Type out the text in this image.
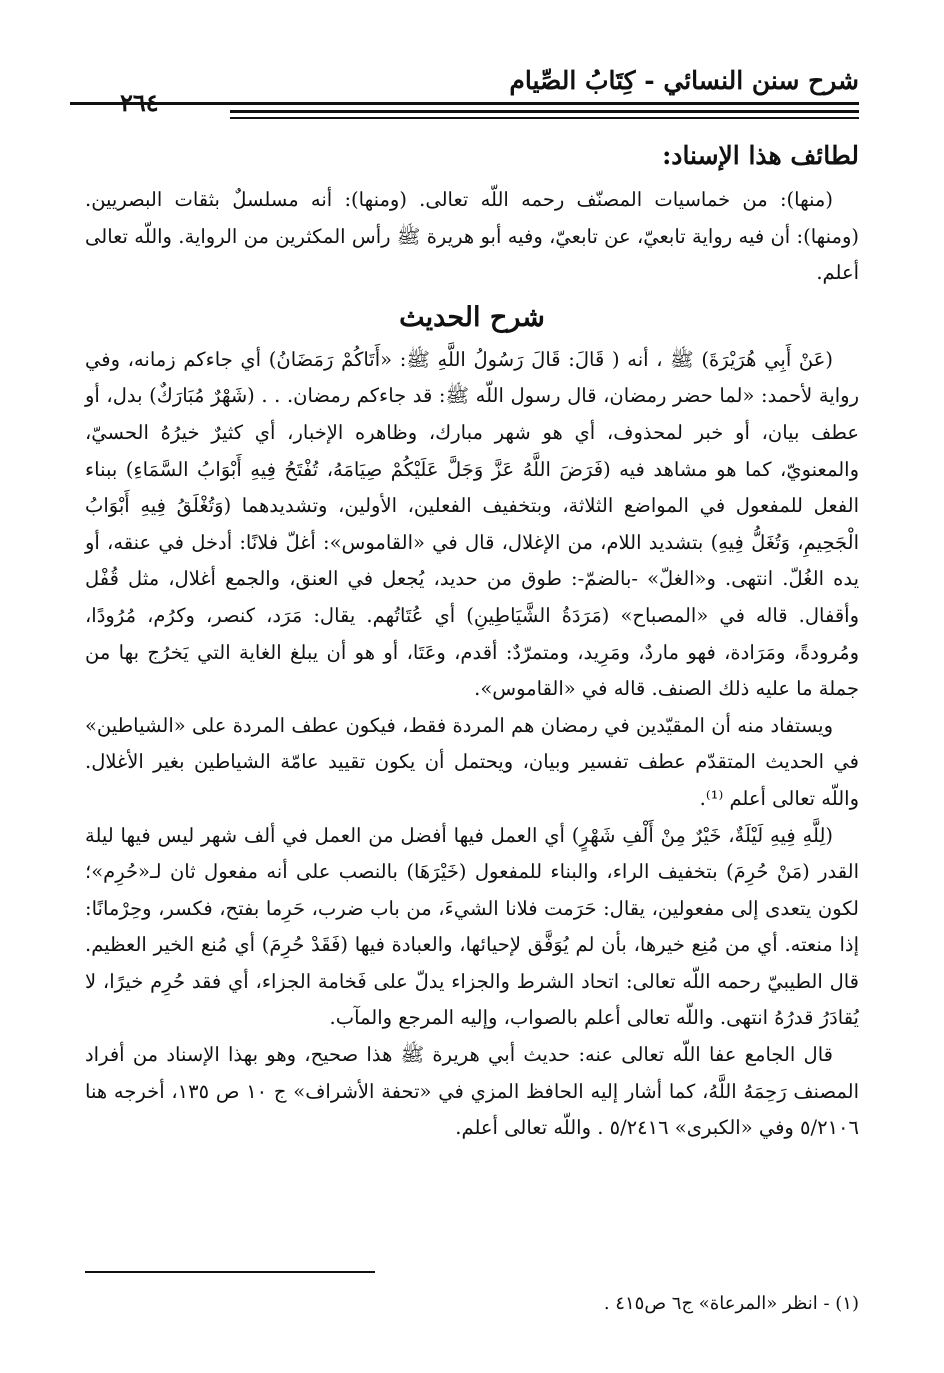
شرح سنن النسائي - كِتَابُ الصِّيام
٢٦٤
لطائف هذا الإسناد:

(منها): من خماسيات المصنّف رحمه اللّه تعالى. (ومنها): أنه مسلسلٌ بثقات البصريين. (ومنها): أن فيه رواية تابعيّ، عن تابعيّ، وفيه أبو هريرة ﷺ رأس المكثرين من الرواية. واللّه تعالى أعلم.

شرح الحديث

(عَنْ أَبِي هُرَيْرَةَ) ﷺ ، أنه ( قَالَ: قَالَ رَسُولُ اللَّهِ ﷺ: «أَتَاكُمْ رَمَضَانُ) أي جاءكم زمانه، وفي رواية لأحمد: «لما حضر رمضان، قال رسول اللّه ﷺ: قد جاءكم رمضان. . . (شَهْرٌ مُبَارَكٌ) بدل، أو عطف بيان، أو خبر لمحذوف، أي هو شهر مبارك، وظاهره الإخبار، أي كثيرٌ خيرُهُ الحسيّ، والمعنويّ، كما هو مشاهد فيه (فَرَضَ اللَّهُ عَزَّ وَجَلَّ عَلَيْكُمْ صِيَامَهُ، تُفْتَحُ فِيهِ أَبْوَابُ السَّمَاءِ) ببناء الفعل للمفعول في المواضع الثلاثة، وبتخفيف الفعلين، الأولين، وتشديدهما (وَتُغْلَقُ فِيهِ أَبْوَابُ الْجَحِيمِ، وَتُغَلُّ فِيهِ) بتشديد اللام، من الإغلال، قال في «القاموس»: أغلّ فلانًا: أدخل في عنقه، أو يده الغُلّ. انتهى. و«الغلّ» -بالضمّ-: طوق من حديد، يُجعل في العنق، والجمع أغلال، مثل قُفْل وأقفال. قاله في «المصباح» (مَرَدَةُ الشَّيَاطِينِ) أي عُتَاتُهم. يقال: مَرَد، كنصر، وكرُم، مُرُودًا، ومُرودةً، ومَرَادة، فهو ماردٌ، ومَرِيد، ومتمرّدٌ: أقدم، وعَتَا، أو هو أن يبلغ الغاية التي يَخرُج بها من جملة ما عليه ذلك الصنف. قاله في «القاموس».

ويستفاد منه أن المقيّدين في رمضان هم المردة فقط، فيكون عطف المردة على «الشياطين» في الحديث المتقدّم عطف تفسير وبيان، ويحتمل أن يكون تقييد عامّة الشياطين بغير الأغلال. واللّه تعالى أعلم ⁽¹⁾.

(لِلَّهِ فِيهِ لَيْلَةٌ، خَيْرٌ مِنْ أَلْفِ شَهْرٍ) أي العمل فيها أفضل من العمل في ألف شهر ليس فيها ليلة القدر (مَنْ حُرِمَ) بتخفيف الراء، والبناء للمفعول (خَيْرَهَا) بالنصب على أنه مفعول ثان لـ«حُرِم»؛ لكون يتعدى إلى مفعولين، يقال: حَرَمت فلانا الشيءَ، من باب ضرب، حَرِما بفتح، فكسر، وحِرْمانًا: إذا منعته. أي من مُنِع خيرها، بأن لم يُوَفَّق لإحيائها، والعبادة فيها (فَقَدْ حُرِمَ) أي مُنع الخير العظيم. قال الطيبيّ رحمه اللّه تعالى: اتحاد الشرط والجزاء يدلّ على فَخامة الجزاء، أي فقد حُرِم خيرًا، لا يُقادَرُ قدرُهُ انتهى. واللّه تعالى أعلم بالصواب، وإليه المرجع والمآب.

قال الجامع عفا اللّه تعالى عنه: حديث أبي هريرة ﷺ هذا صحيح، وهو بهذا الإسناد من أفراد المصنف رَحِمَهُ اللَّهُ، كما أشار إليه الحافظ المزي في «تحفة الأشراف» ج ١٠ ص ١٣٥، أخرجه هنا ٥/٢١٠٦ وفي «الكبرى» ٥/٢٤١٦ . واللّه تعالى أعلم.

(١) - انظر «المرعاة» ج٦ ص٤١٥ .
